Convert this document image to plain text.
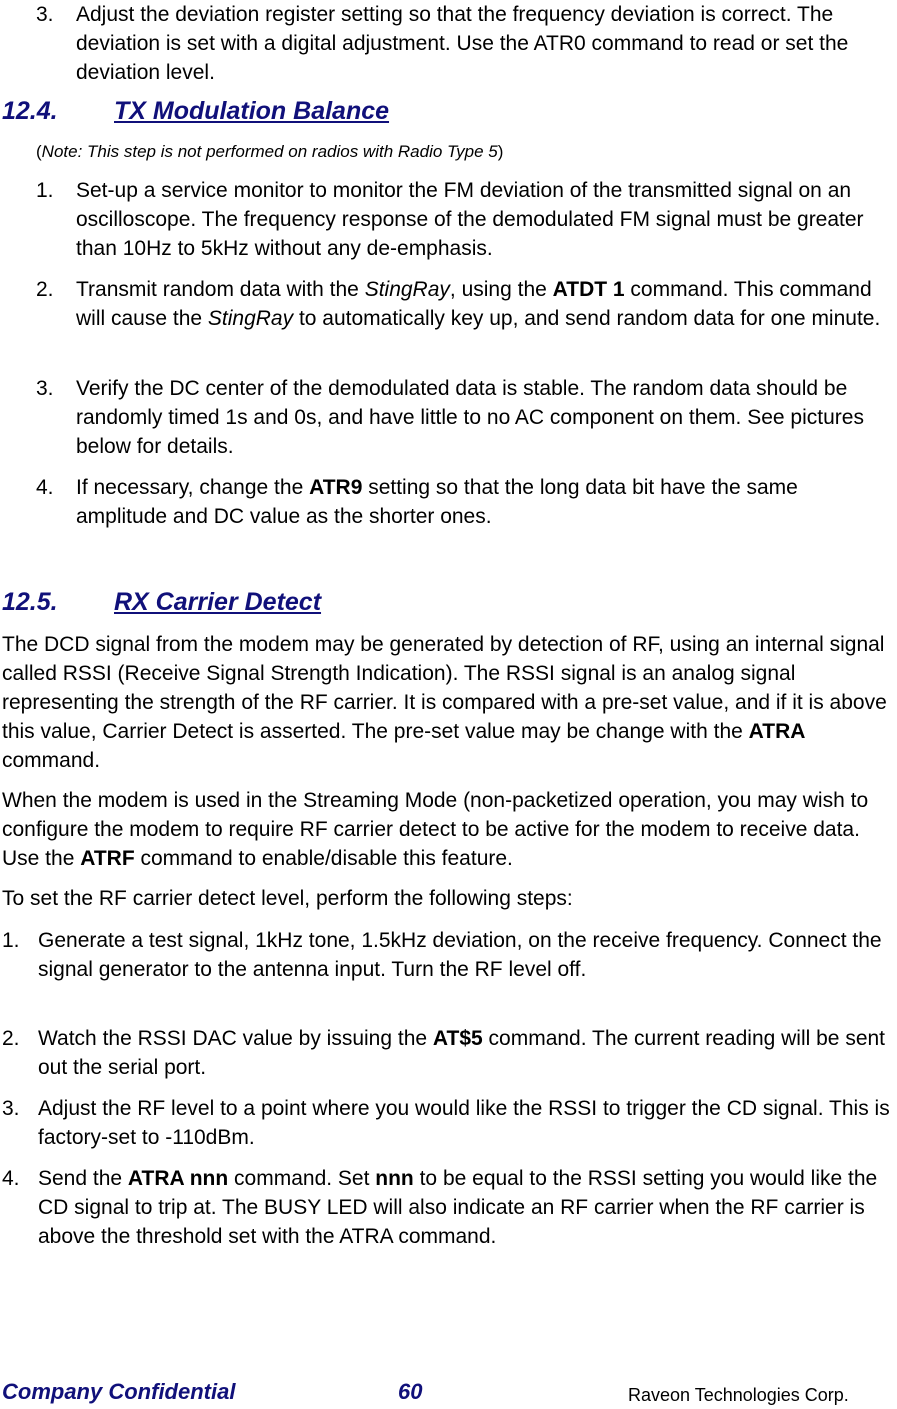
3. Adjust the deviation register setting so that the frequency deviation is correct. The deviation is set with a digital adjustment. Use the ATR0 command to read or set the deviation level.
12.4. TX Modulation Balance
(Note: This step is not performed on radios with Radio Type 5)
1. Set-up a service monitor to monitor the FM deviation of the transmitted signal on an oscilloscope. The frequency response of the demodulated FM signal must be greater than 10Hz to 5kHz without any de-emphasis.
2. Transmit random data with the StingRay, using the ATDT 1 command. This command will cause the StingRay to automatically key up, and send random data for one minute.
3. Verify the DC center of the demodulated data is stable. The random data should be randomly timed 1s and 0s, and have little to no AC component on them. See pictures below for details.
4. If necessary, change the ATR9 setting so that the long data bit have the same amplitude and DC value as the shorter ones.
12.5. RX Carrier Detect
The DCD signal from the modem may be generated by detection of RF, using an internal signal called RSSI (Receive Signal Strength Indication). The RSSI signal is an analog signal representing the strength of the RF carrier. It is compared with a pre-set value, and if it is above this value, Carrier Detect is asserted. The pre-set value may be change with the ATRA command.
When the modem is used in the Streaming Mode (non-packetized operation, you may wish to configure the modem to require RF carrier detect to be active for the modem to receive data. Use the ATRF command to enable/disable this feature.
To set the RF carrier detect level, perform the following steps:
1. Generate a test signal, 1kHz tone, 1.5kHz deviation, on the receive frequency. Connect the signal generator to the antenna input. Turn the RF level off.
2. Watch the RSSI DAC value by issuing the AT$5 command. The current reading will be sent out the serial port.
3. Adjust the RF level to a point where you would like the RSSI to trigger the CD signal. This is factory-set to -110dBm.
4. Send the ATRA nnn command. Set nnn to be equal to the RSSI setting you would like the CD signal to trip at. The BUSY LED will also indicate an RF carrier when the RF carrier is above the threshold set with the ATRA command.
Company Confidential	60	Raveon Technologies Corp.
